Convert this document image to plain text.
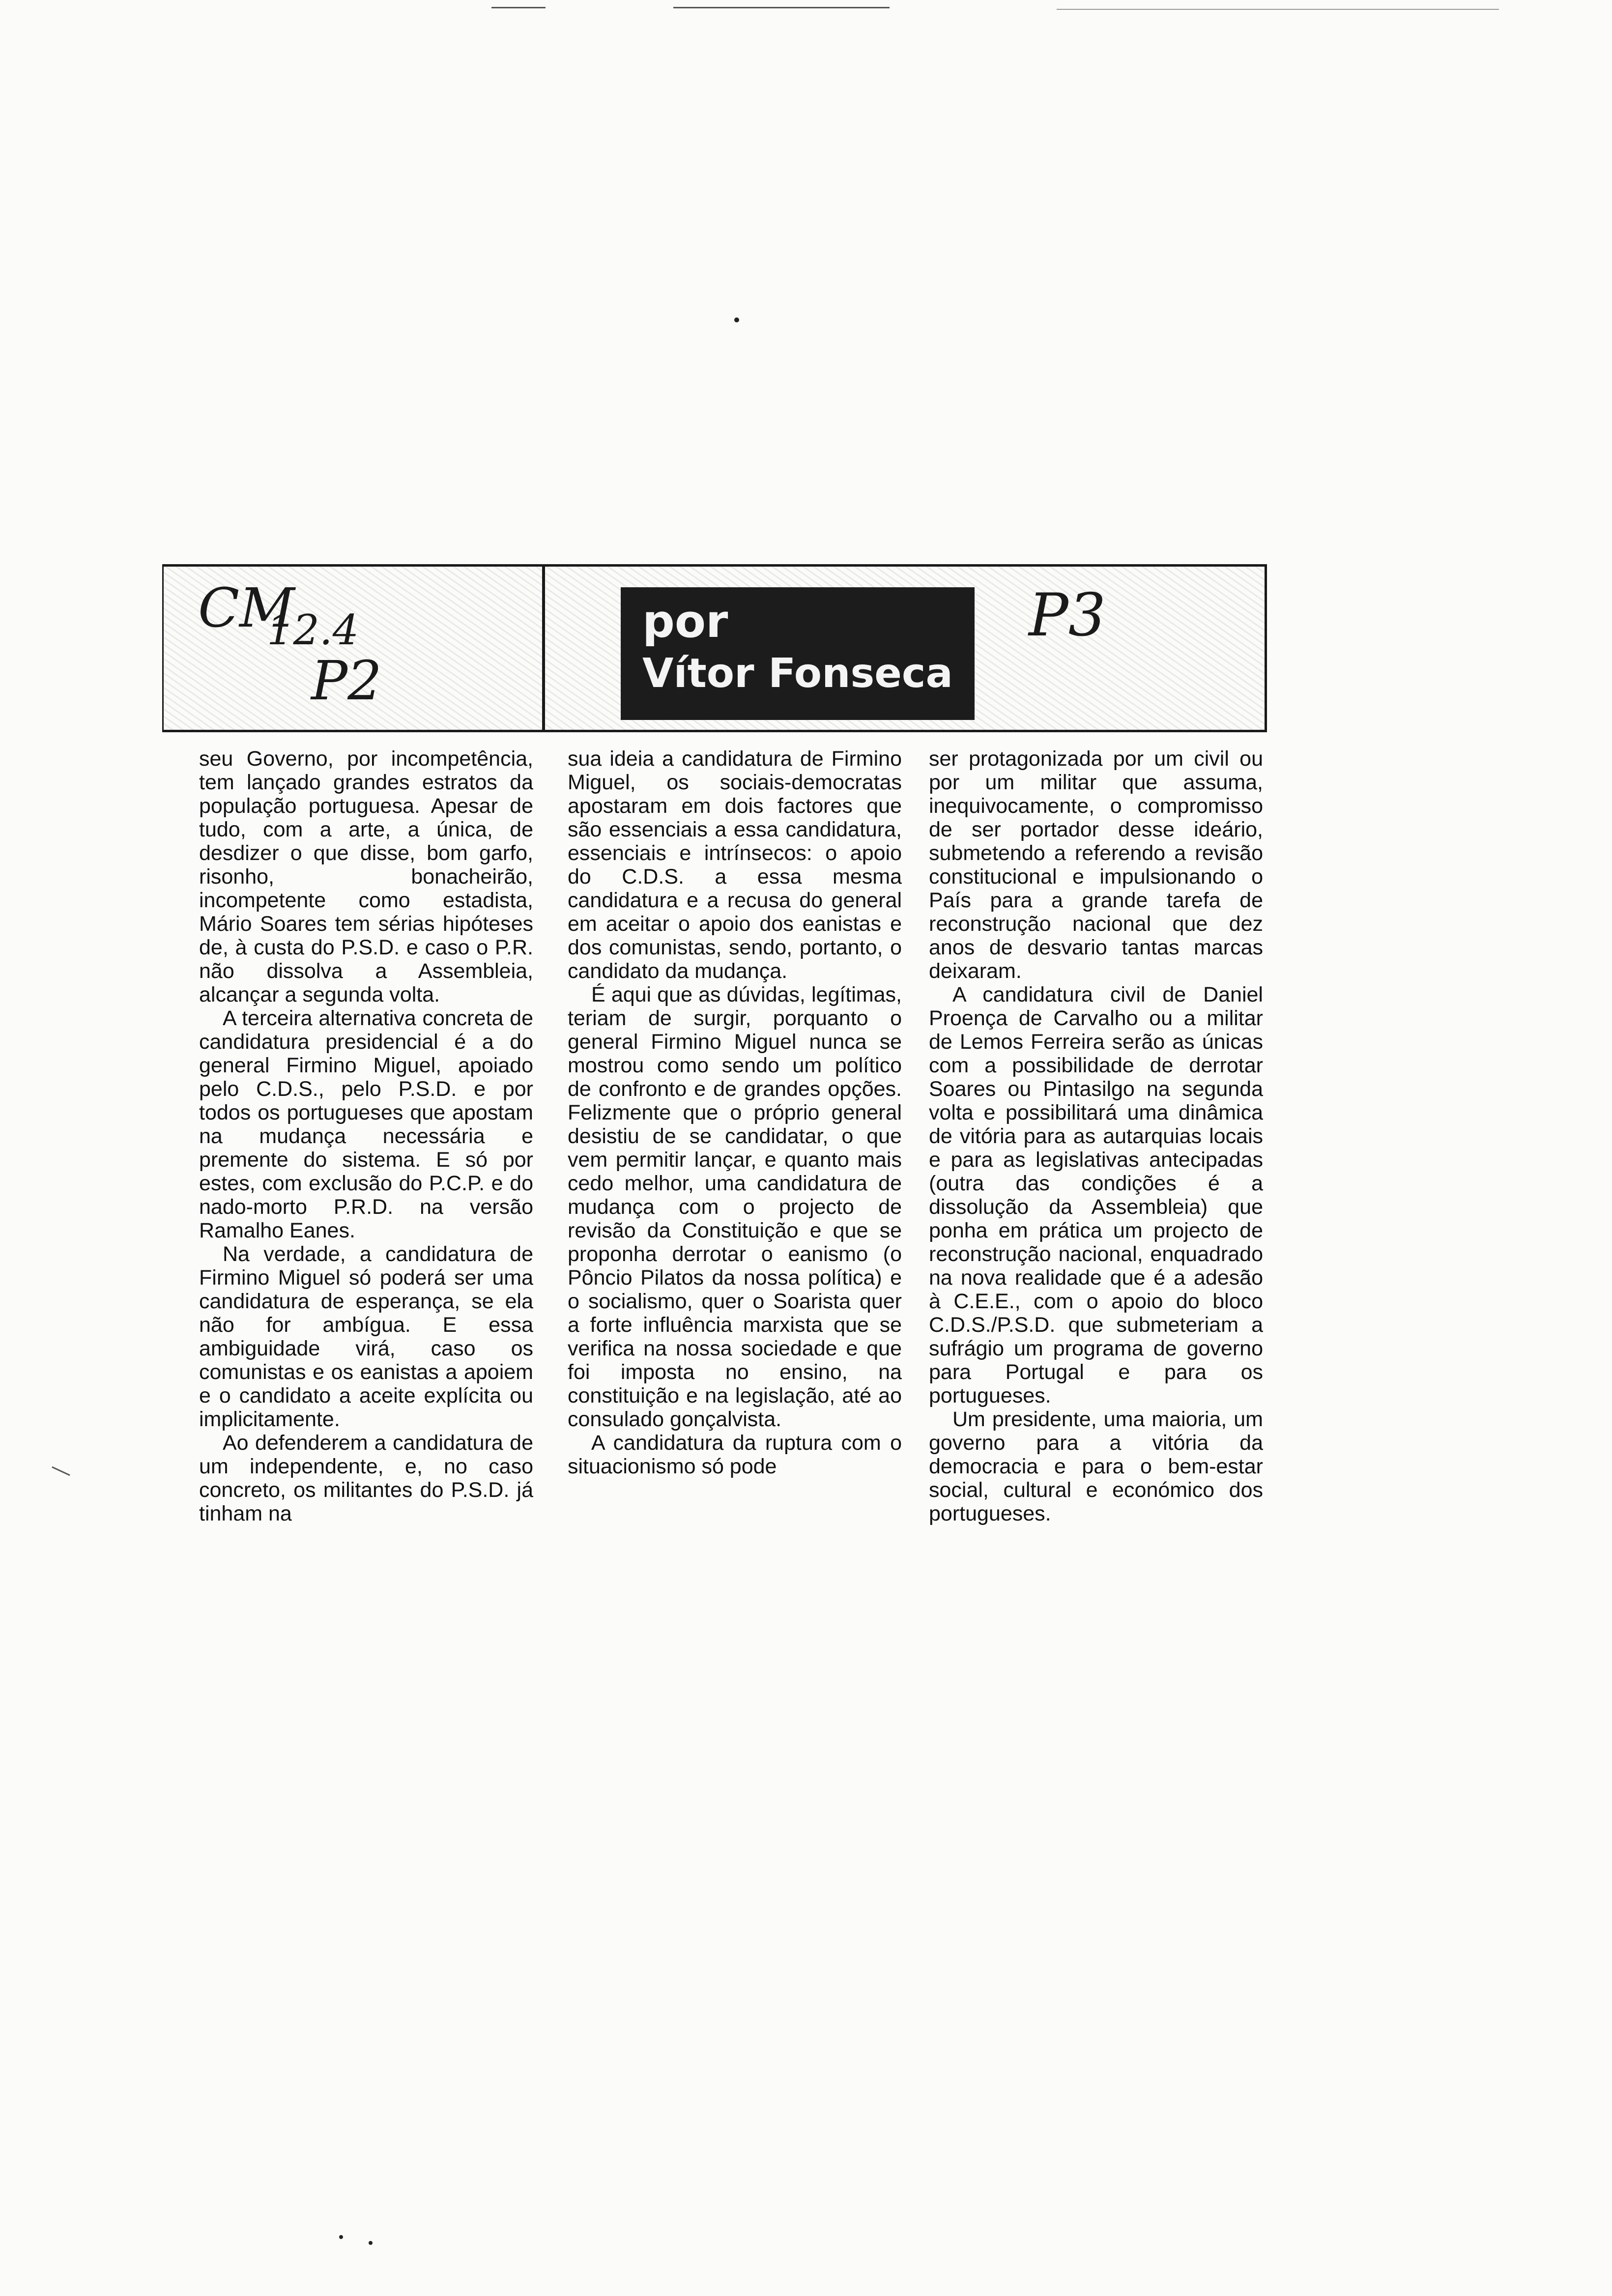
CM
12.4
P2
por
Vítor Fonseca
P3

seu Governo, por incompetência, tem lançado grandes estratos da população portuguesa. Apesar de tudo, com a arte, a única, de desdizer o que disse, bom garfo, risonho, bonacheirão, incompetente como estadista, Mário Soares tem sérias hipóteses de, à custa do P.S.D. e caso o P.R. não dissolva a Assembleia, alcançar a segunda volta.

A terceira alternativa concreta de candidatura presidencial é a do general Firmino Miguel, apoiado pelo C.D.S., pelo P.S.D. e por todos os portugueses que apostam na mudança necessária e premente do sistema. E só por estes, com exclusão do P.C.P. e do nado-morto P.R.D. na versão Ramalho Eanes.

Na verdade, a candidatura de Firmino Miguel só poderá ser uma candidatura de esperança, se ela não for ambígua. E essa ambiguidade virá, caso os comunistas e os eanistas a apoiem e o candidato a aceite explícita ou implicitamente.

Ao defenderem a candidatura de um independente, e, no caso concreto, os militantes do P.S.D. já tinham na

sua ideia a candidatura de Firmino Miguel, os sociais-democratas apostaram em dois factores que são essenciais a essa candidatura, essenciais e intrínsecos: o apoio do C.D.S. a essa mesma candidatura e a recusa do general em aceitar o apoio dos eanistas e dos comunistas, sendo, portanto, o candidato da mudança.

É aqui que as dúvidas, legítimas, teriam de surgir, porquanto o general Firmino Miguel nunca se mostrou como sendo um político de confronto e de grandes opções. Felizmente que o próprio general desistiu de se candidatar, o que vem permitir lançar, e quanto mais cedo melhor, uma candidatura de mudança com o projecto de revisão da Constituição e que se proponha derrotar o eanismo (o Pôncio Pilatos da nossa política) e o socialismo, quer o Soarista quer a forte influência marxista que se verifica na nossa sociedade e que foi imposta no ensino, na constituição e na legislação, até ao consulado gonçalvista.

A candidatura da ruptura com o situacionismo só pode

ser protagonizada por um civil ou por um militar que assuma, inequivocamente, o compromisso de ser portador desse ideário, submetendo a referendo a revisão constitucional e impulsionando o País para a grande tarefa de reconstrução nacional que dez anos de desvario tantas marcas deixaram.

A candidatura civil de Daniel Proença de Carvalho ou a militar de Lemos Ferreira serão as únicas com a possibilidade de derrotar Soares ou Pintasilgo na segunda volta e possibilitará uma dinâmica de vitória para as autarquias locais e para as legislativas antecipadas (outra das condições é a dissolução da Assembleia) que ponha em prática um projecto de reconstrução nacional, enquadrado na nova realidade que é a adesão à C.E.E., com o apoio do bloco C.D.S./P.S.D. que submeteriam a sufrágio um programa de governo para Portugal e para os portugueses.

Um presidente, uma maioria, um governo para a vitória da democracia e para o bem-estar social, cultural e económico dos portugueses.
